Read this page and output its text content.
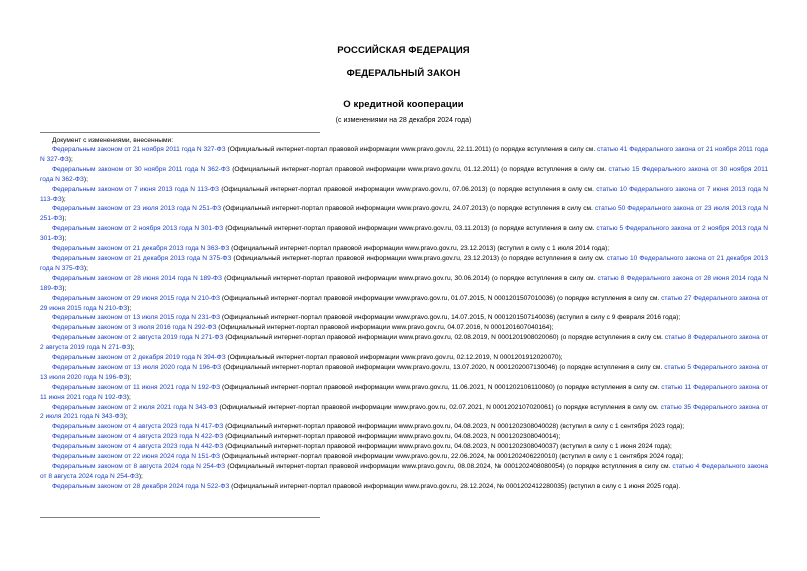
РОССИЙСКАЯ ФЕДЕРАЦИЯ
ФЕДЕРАЛЬНЫЙ ЗАКОН
О кредитной кооперации
(с изменениями на 28 декабря 2024 года)
Документ с изменениями, внесенными:

Федеральным законом от 21 ноября 2011 года N 327-ФЗ (Официальный интернет-портал правовой информации www.pravo.gov.ru, 22.11.2011) (о порядке вступления в силу см. статью 41 Федерального закона от 21 ноября 2011 года N 327-ФЗ);

Федеральным законом от 30 ноября 2011 года N 362-ФЗ (Официальный интернет-портал правовой информации www.pravo.gov.ru, 01.12.2011) (о порядке вступления в силу см. статью 15 Федерального закона от 30 ноября 2011 года N 362-ФЗ);

Федеральным законом от 7 июня 2013 года N 113-ФЗ (Официальный интернет-портал правовой информации www.pravo.gov.ru, 07.06.2013) (о порядке вступления в силу см. статью 10 Федерального закона от 7 июня 2013 года N 113-ФЗ);

Федеральным законом от 23 июля 2013 года N 251-ФЗ (Официальный интернет-портал правовой информации www.pravo.gov.ru, 24.07.2013) (о порядке вступления в силу см. статью 50 Федерального закона от 23 июля 2013 года N 251-ФЗ);

Федеральным законом от 2 ноября 2013 года N 301-ФЗ (Официальный интернет-портал правовой информации www.pravo.gov.ru, 03.11.2013) (о порядке вступления в силу см. статью 5 Федерального закона от 2 ноября 2013 года N 301-ФЗ);

Федеральным законом от 21 декабря 2013 года N 363-ФЗ (Официальный интернет-портал правовой информации www.pravo.gov.ru, 23.12.2013) (вступил в силу с 1 июля 2014 года);

Федеральным законом от 21 декабря 2013 года N 375-ФЗ (Официальный интернет-портал правовой информации www.pravo.gov.ru, 23.12.2013) (о порядке вступления в силу см. статью 10 Федерального закона от 21 декабря 2013 года N 375-ФЗ);

Федеральным законом от 28 июня 2014 года N 189-ФЗ (Официальный интернет-портал правовой информации www.pravo.gov.ru, 30.06.2014) (о порядке вступления в силу см. статью 8 Федерального закона от 28 июня 2014 года N 189-ФЗ);

Федеральным законом от 29 июня 2015 года N 210-ФЗ (Официальный интернет-портал правовой информации www.pravo.gov.ru, 01.07.2015, N 0001201507010036) (о порядке вступления в силу см. статью 27 Федерального закона от 29 июня 2015 года N 210-ФЗ);

Федеральным законом от 13 июля 2015 года N 231-ФЗ (Официальный интернет-портал правовой информации www.pravo.gov.ru, 14.07.2015, N 0001201507140036) (вступил в силу с 9 февраля 2016 года);

Федеральным законом от 3 июля 2016 года N 292-ФЗ (Официальный интернет-портал правовой информации www.pravo.gov.ru, 04.07.2016, N 0001201607040164);

Федеральным законом от 2 августа 2019 года N 271-ФЗ (Официальный интернет-портал правовой информации www.pravo.gov.ru, 02.08.2019, N 0001201908020060) (о порядке вступления в силу см. статью 8 Федерального закона от 2 августа 2019 года N 271-ФЗ);

Федеральным законом от 2 декабря 2019 года N 394-ФЗ (Официальный интернет-портал правовой информации www.pravo.gov.ru, 02.12.2019, N 0001201912020070);

Федеральным законом от 13 июля 2020 года N 196-ФЗ (Официальный интернет-портал правовой информации www.pravo.gov.ru, 13.07.2020, N 0001202007130046) (о порядке вступления в силу см. статью 5 Федерального закона от 13 июля 2020 года N 196-ФЗ);

Федеральным законом от 11 июня 2021 года N 192-ФЗ (Официальный интернет-портал правовой информации www.pravo.gov.ru, 11.06.2021, N 0001202106110060) (о порядке вступления в силу см. статью 11 Федерального закона от 11 июня 2021 года N 192-ФЗ);

Федеральным законом от 2 июля 2021 года N 343-ФЗ (Официальный интернет-портал правовой информации www.pravo.gov.ru, 02.07.2021, N 0001202107020061) (о порядке вступления в силу см. статью 35 Федерального закона от 2 июля 2021 года N 343-ФЗ);

Федеральным законом от 4 августа 2023 года N 417-ФЗ (Официальный интернет-портал правовой информации www.pravo.gov.ru, 04.08.2023, N 0001202308040028) (вступил в силу с 1 сентября 2023 года);

Федеральным законом от 4 августа 2023 года N 422-ФЗ (Официальный интернет-портал правовой информации www.pravo.gov.ru, 04.08.2023, N 0001202308040014);

Федеральным законом от 4 августа 2023 года N 442-ФЗ (Официальный интернет-портал правовой информации www.pravo.gov.ru, 04.08.2023, N 0001202308040037) (вступил в силу с 1 июня 2024 года);

Федеральным законом от 22 июня 2024 года N 151-ФЗ (Официальный интернет-портал правовой информации www.pravo.gov.ru, 22.06.2024, № 0001202406220010) (вступил в силу с 1 сентября 2024 года);

Федеральным законом от 8 августа 2024 года N 254-ФЗ (Официальный интернет-портал правовой информации www.pravo.gov.ru, 08.08.2024, № 0001202408080054) (о порядке вступления в силу см. статью 4 Федерального закона от 8 августа 2024 года N 254-ФЗ);

Федеральным законом от 28 декабря 2024 года N 522-ФЗ (Официальный интернет-портал правовой информации www.pravo.gov.ru, 28.12.2024, № 0001202412280035) (вступил в силу с 1 июня 2025 года).
